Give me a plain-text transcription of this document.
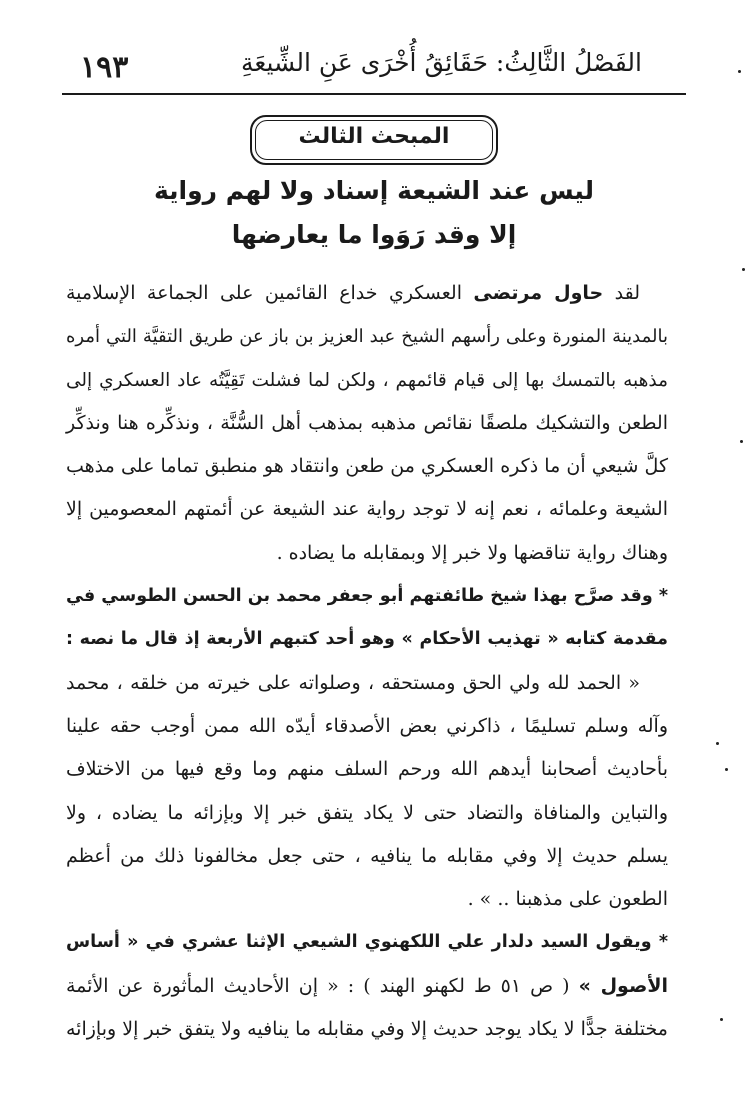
١٩٣	الفَصْلُ الثَّالِثُ: حَقَائِقُ أُخْرَى عَنِ الشِّيعَةِ
المبحث الثالث
ليس عند الشيعة إسناد ولا لهم رواية
إلا وقد رَوَوا ما يعارضها
لقد حاول مرتضى العسكري خداع القائمين على الجماعة الإسلامية
بالمدينة المنورة وعلى رأسهم الشيخ عبد العزيز بن باز عن طريق التقيَّة التي أمره
مذهبه بالتمسك بها إلى قيام قائمهم ، ولكن لما فشلت تَقِيَّتُه عاد العسكري إلى
الطعن والتشكيك ملصقًا نقائص مذهبه بمذهب أهل السُّنَّة ، ونذكِّره هنا ونذكِّر
كلَّ شيعي أن ما ذكره العسكري من طعن وانتقاد هو منطبق تماما على مذهب
الشيعة وعلمائه ، نعم إنه لا توجد رواية عند الشيعة عن أئمتهم المعصومين إلا
وهناك رواية تناقضها ولا خبر إلا وبمقابله ما يضاده .
* وقد صرَّح بهذا شيخ طائفتهم أبو جعفر محمد بن الحسن الطوسي في
مقدمة كتابه « تهذيب الأحكام » وهو أحد كتبهم الأربعة إذ قال ما نصه :
« الحمد لله ولي الحق ومستحقه ، وصلواته على خيرته من خلقه ، محمد
وآله وسلم تسليمًا ، ذاكرني بعض الأصدقاء أيدّه الله ممن أوجب حقه علينا
بأحاديث أصحابنا أيدهم الله ورحم السلف منهم وما وقع فيها من الاختلاف
والتباين والمنافاة والتضاد حتى لا يكاد يتفق خبر إلا وبإزائه ما يضاده ، ولا
يسلم حديث إلا وفي مقابله ما ينافيه ، حتى جعل مخالفونا ذلك من أعظم
الطعون على مذهبنا .. » .
* ويقول السيد دلدار علي اللكهنوي الشيعي الإثنا عشري في « أساس
الأصول » ( ص ٥١ ط لكهنو الهند ) : « إن الأحاديث المأثورة عن الأئمة
مختلفة جدًّا لا يكاد يوجد حديث إلا وفي مقابله ما ينافيه ولا يتفق خبر إلا وبإزائه
